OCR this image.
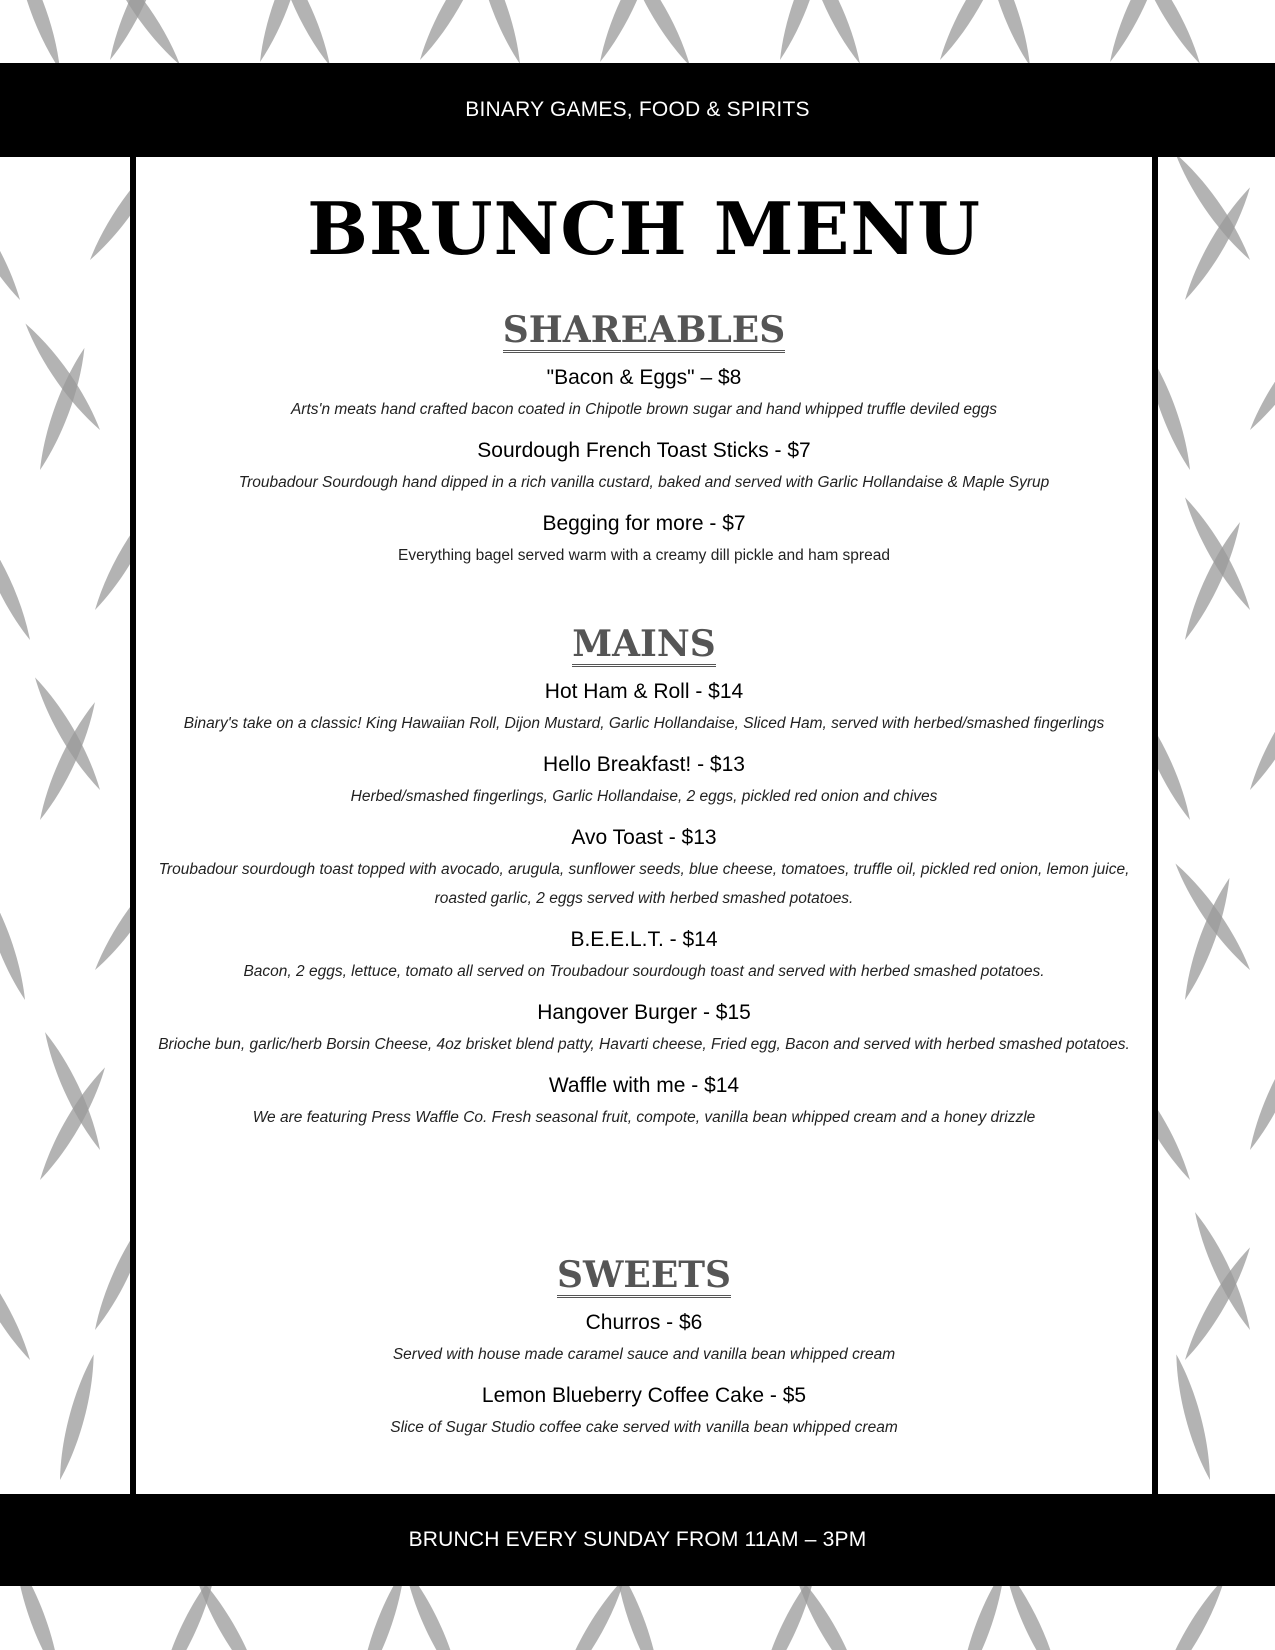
BINARY GAMES, FOOD & SPIRITS
BRUNCH MENU
SHAREABLES
"Bacon & Eggs" – $8
Arts'n meats hand crafted bacon coated in Chipotle brown sugar and hand whipped truffle deviled eggs
Sourdough French Toast Sticks - $7
Troubadour Sourdough hand dipped in a rich vanilla custard, baked and served with Garlic Hollandaise & Maple Syrup
Begging for more - $7
Everything bagel served warm with a creamy dill pickle and ham spread
MAINS
Hot Ham & Roll - $14
Binary's take on a classic! King Hawaiian Roll, Dijon Mustard, Garlic Hollandaise, Sliced Ham, served with herbed/smashed fingerlings
Hello Breakfast! - $13
Herbed/smashed fingerlings, Garlic Hollandaise, 2 eggs, pickled red onion and chives
Avo Toast - $13
Troubadour sourdough toast topped with avocado, arugula, sunflower seeds, blue cheese, tomatoes, truffle oil, pickled red onion, lemon juice, roasted garlic, 2 eggs served with herbed smashed potatoes.
B.E.E.L.T. - $14
Bacon, 2 eggs, lettuce, tomato all served on Troubadour sourdough toast and served with herbed smashed potatoes.
Hangover Burger - $15
Brioche bun, garlic/herb Borsin Cheese, 4oz brisket blend patty, Havarti cheese, Fried egg, Bacon and served with herbed smashed potatoes.
Waffle with me - $14
We are featuring Press Waffle Co. Fresh seasonal fruit, compote, vanilla bean whipped cream and a honey drizzle
SWEETS
Churros - $6
Served with house made caramel sauce and vanilla bean whipped cream
Lemon Blueberry Coffee Cake - $5
Slice of Sugar Studio coffee cake served with vanilla bean whipped cream
BRUNCH EVERY SUNDAY FROM 11AM – 3PM
